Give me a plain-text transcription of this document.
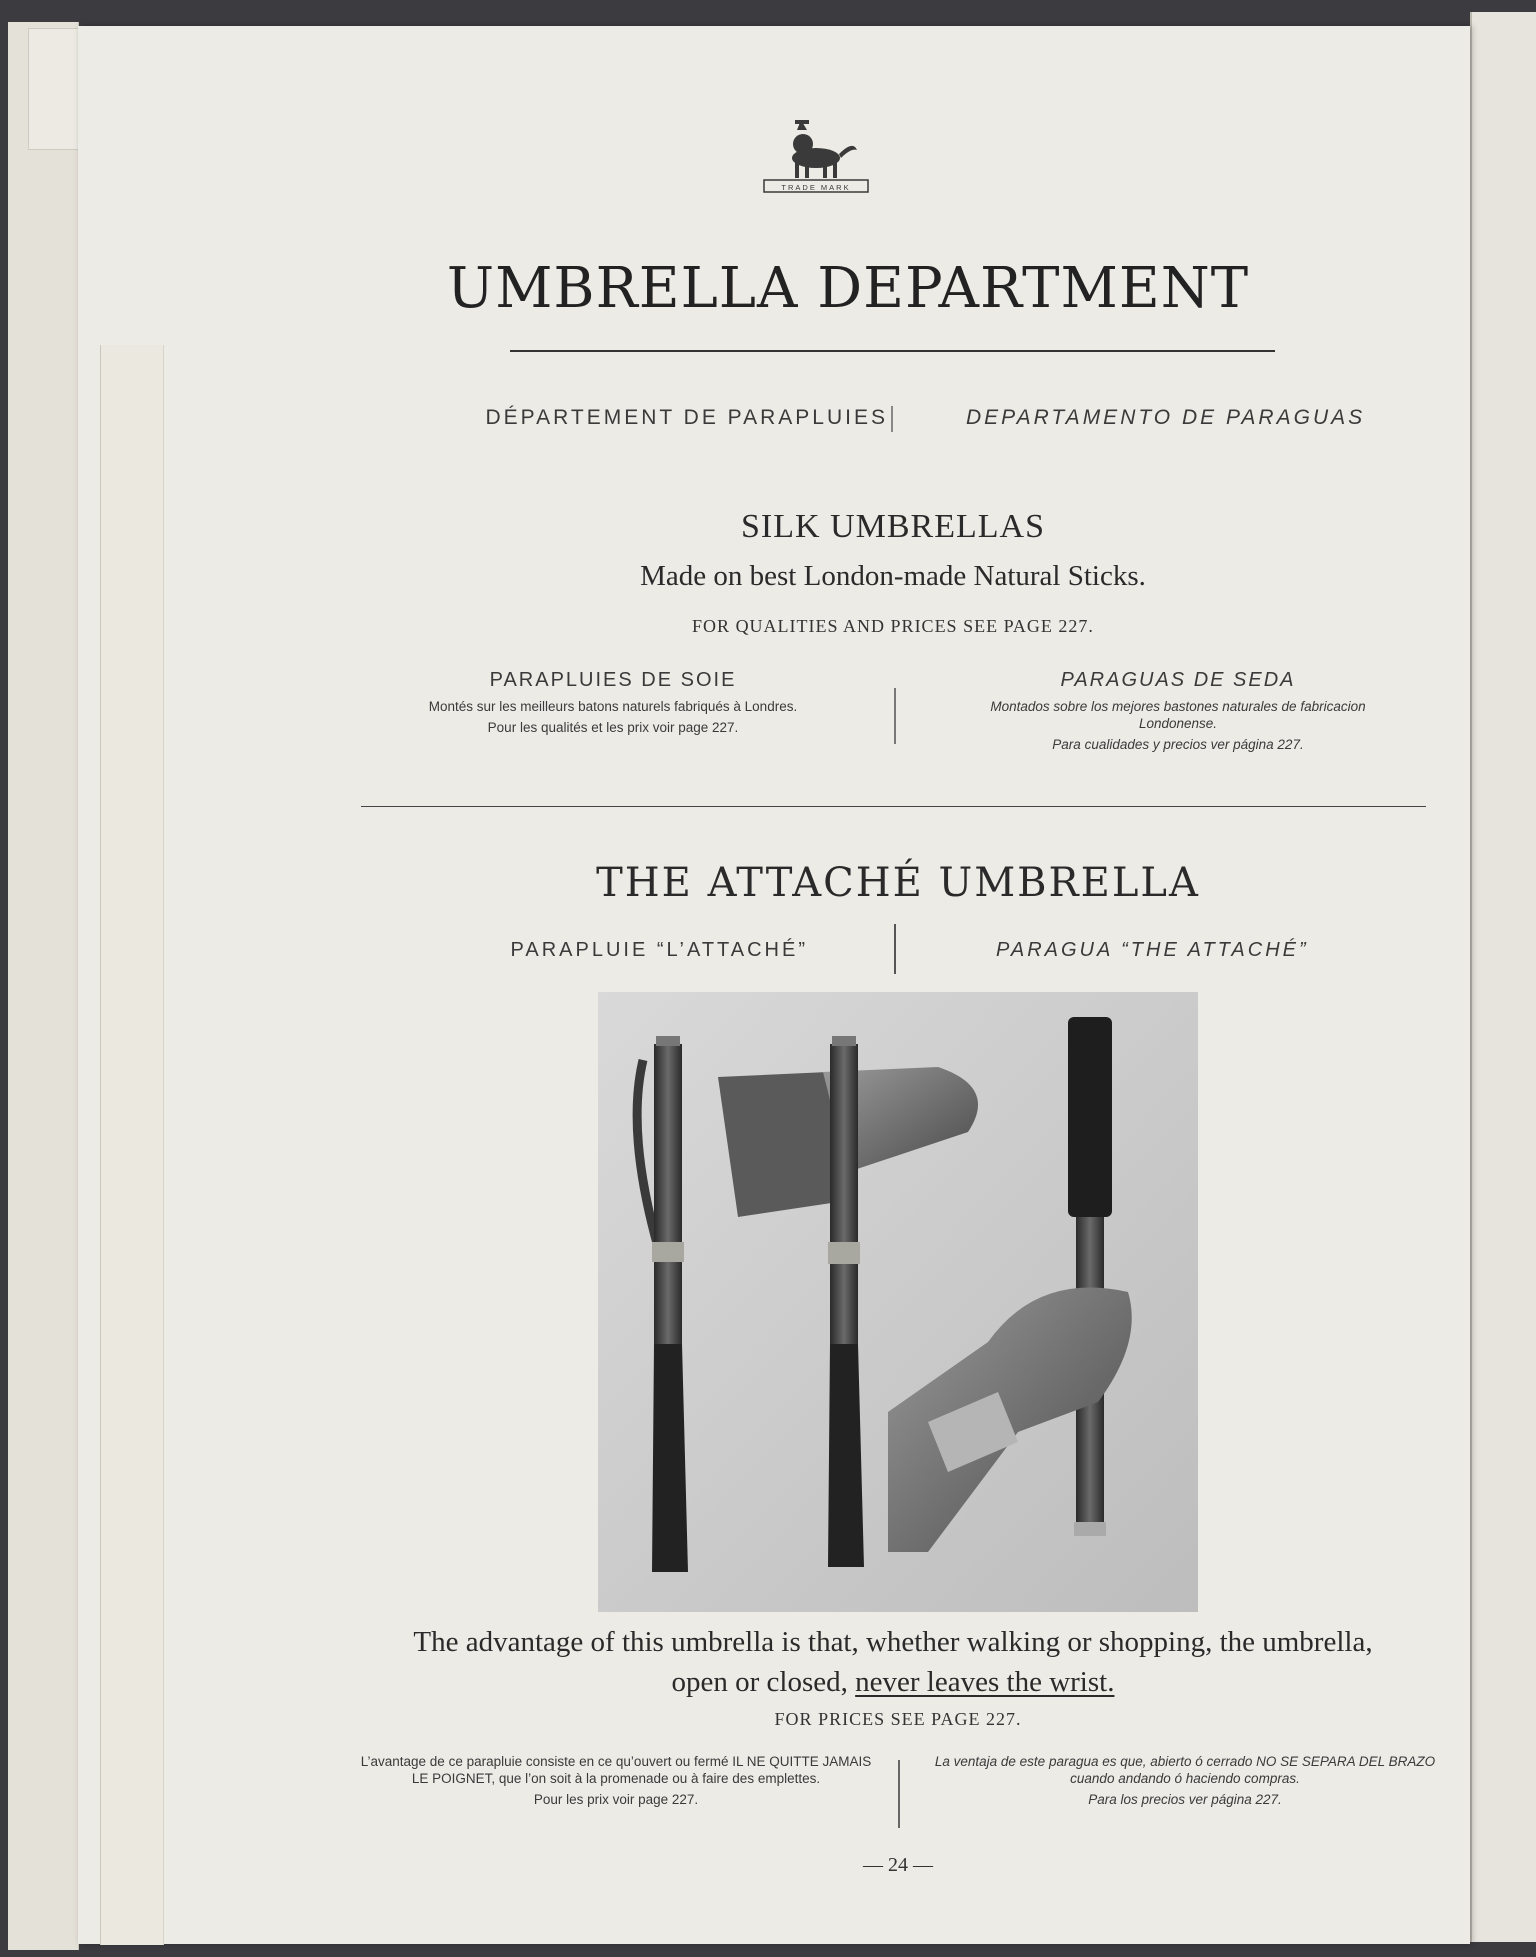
TRADE MARK
UMBRELLA DEPARTMENT
DÉPARTEMENT DE PARAPLUIES	DEPARTAMENTO DE PARAGUAS
SILK UMBRELLAS
Made on best London-made Natural Sticks.
FOR QUALITIES AND PRICES SEE PAGE 227.
PARAPLUIES DE SOIE

Montés sur les meilleurs batons naturels fabriqués à Londres.

Pour les qualités et les prix voir page 227.

PARAGUAS DE SEDA

Montados sobre los mejores bastones naturales de fabricacion Londonense.

Para cualidades y precios ver página 227.

THE ATTACHÉ UMBRELLA
PARAPLUIE “L’ATTACHÉ”	PARAGUA “THE ATTACHÉ”
The advantage of this umbrella is that, whether walking or shopping, the umbrella, open or closed, never leaves the wrist.
FOR PRICES SEE PAGE 227.

L’avantage de ce parapluie consiste en ce qu’ouvert ou fermé IL NE QUITTE JAMAIS LE POIGNET, que l’on soit à la promenade ou à faire des emplettes.

Pour les prix voir page 227.

La ventaja de este paragua es que, abierto ó cerrado NO SE SEPARA DEL BRAZO cuando andando ó haciendo compras.

Para los precios ver página 227.

— 24 —
